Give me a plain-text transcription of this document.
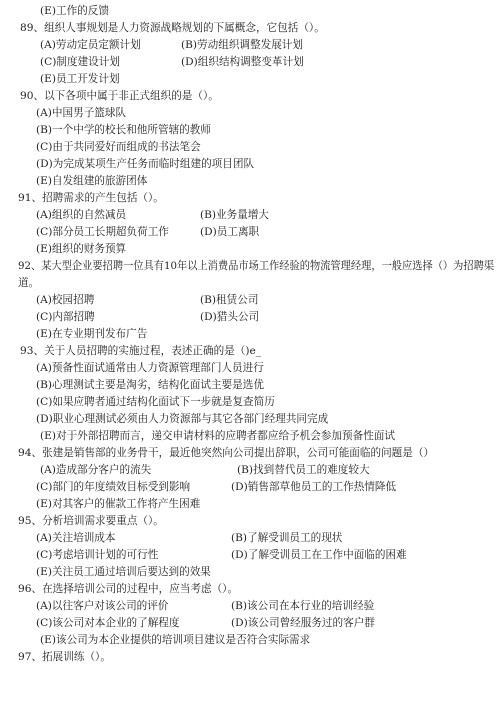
(E)工作的反馈
89、组织人事规划是人力资源战略规划的下属概念，它包括（）。
(A)劳动定员定额计划	(B)劳动组织调整发展计划
(C)制度建设计划	(D)组织结构调整变革计划
(E)员工开发计划
90、以下各项中属于非正式组织的是（）。
(A)中国男子篮球队
(B)一个中学的校长和他所管辖的教师
(C)由于共同爱好而组成的书法笔会
(D)为完成某项生产任务而临时组建的项目团队
(E)自发组建的旅游团体
91、招聘需求的产生包括（）。
(A)组织的自然减员	(B)业务量增大
(C)部分员工长期超负荷工作	(D)员工离职
(E)组织的财务预算
92、某大型企业要招聘一位具有10年以上消费品市场工作经验的物流管理经理，一般应选择（）为招聘渠
道。
(A)校园招聘	(B)租赁公司
(C)内部招聘	(D)猎头公司
(E)在专业期刊发布广告
93、关于人员招聘的实施过程，表述正确的是（)e_
(A)预备性面试通常由人力资源管理部门人员进行
(B)心理测试主要是淘劣，结构化面试主要是选优
(C)如果应聘者通过结构化面试下一步就是复查简历
(D)职业心理测试必须由人力资源部与其它各部门经理共同完成
(E)对于外部招聘而言，递交申请材料的应聘者都应给予机会参加预备性面试
94、张建是销售部的业务骨干，最近他突然向公司提出辞职，公司可能面临的问题是（）
(A)造成部分客户的流失	(B)找到替代员工的难度较大
(C)部门的年度绩效目标受到影响	(D)销售部草他员工的工作热情降低
(E)对其客户的催款工作将产生困难
95、分析培训需求要重点（）。
(A)关注培训成本	(B)了解受训员工的现状
(C)考虑培训计划的可行性	(D)了解受训员工在工作中面临的困难
(E)关注员工通过培训后要达到的效果
96、在选择培训公司的过程中，应当考虑（）。
(A)以往客户对该公司的评价	(B)该公司在本行业的培训经验
(C)该公司对本企业的了解程度	(D)该公司曾经服务过的客户群
(E)该公司为本企业提供的培训项目建议是否符合实际需求
97、拓展训练（）。
